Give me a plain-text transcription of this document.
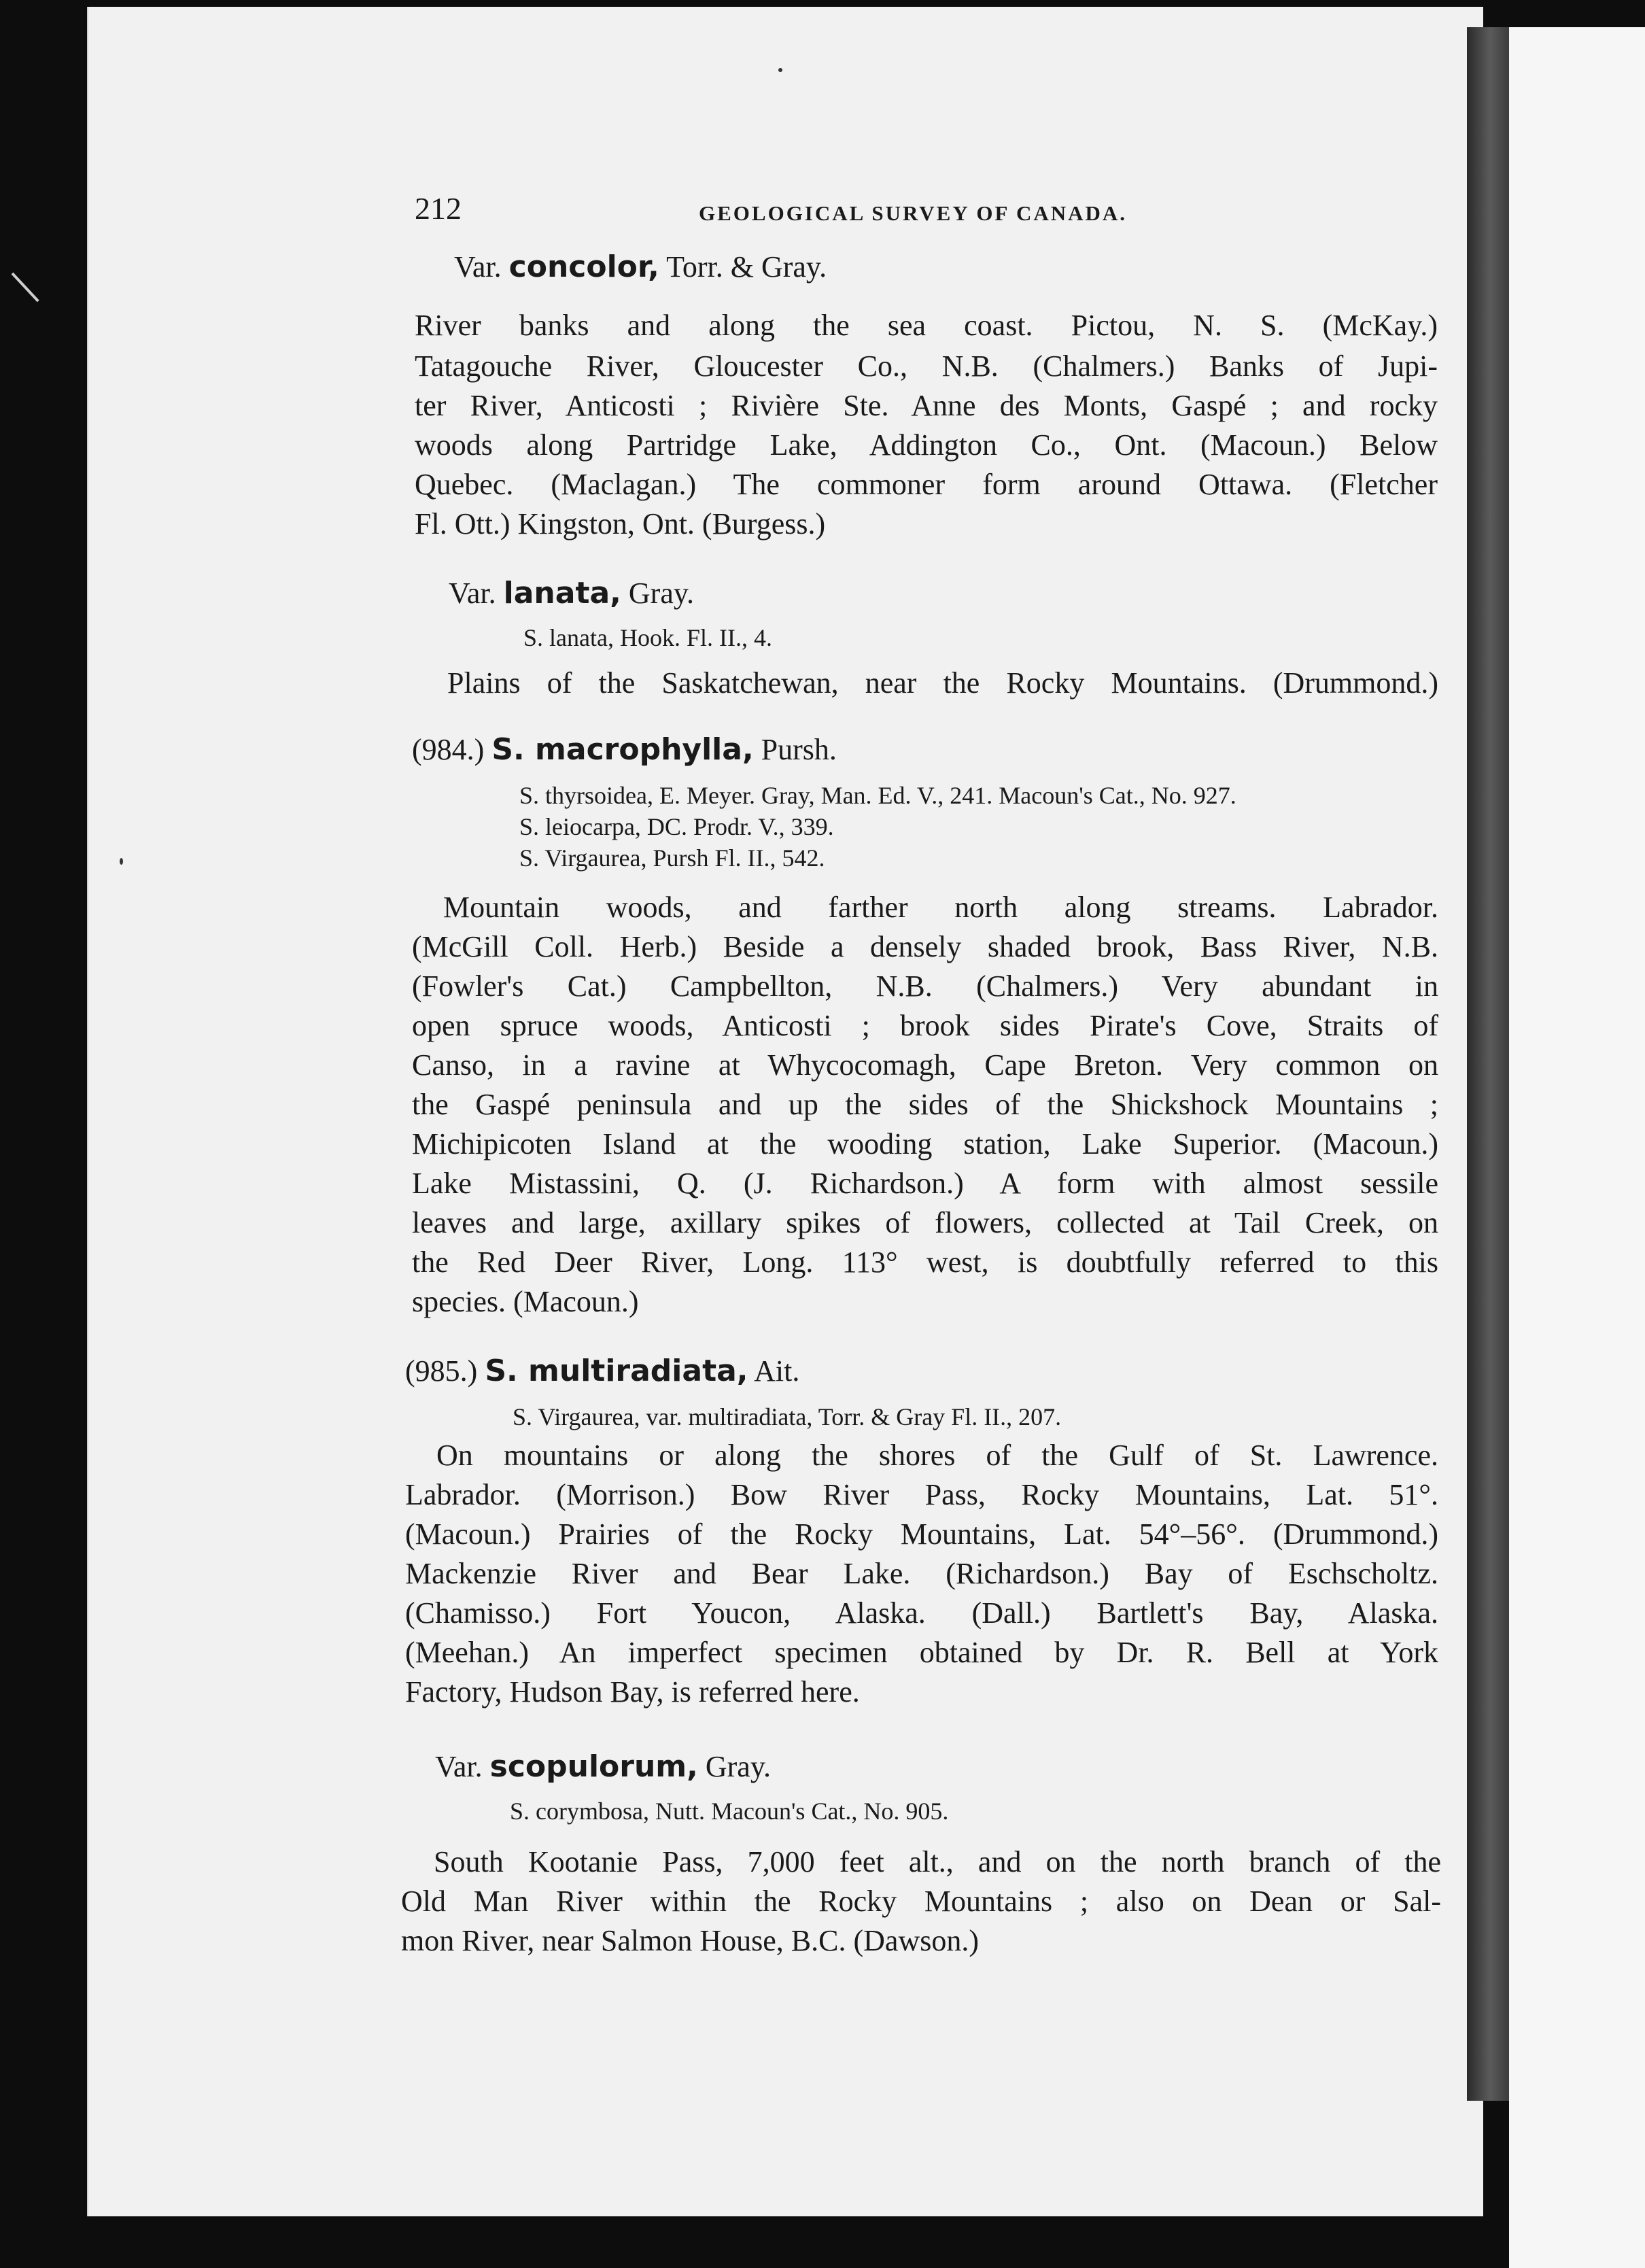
212	GEOLOGICAL SURVEY OF CANADA.
Var. concolor, Torr. & Gray.
River banks and along the sea coast. Pictou, N. S. (McKay.)
Tatagouche River, Gloucester Co., N.B. (Chalmers.) Banks of Jupi-
ter River, Anticosti ; Rivière Ste. Anne des Monts, Gaspé ; and rocky
woods along Partridge Lake, Addington Co., Ont. (Macoun.) Below
Quebec. (Maclagan.) The commoner form around Ottawa. (Fletcher
Fl. Ott.) Kingston, Ont. (Burgess.)
Var. lanata, Gray.
S. lanata, Hook. Fl. II., 4.
Plains of the Saskatchewan, near the Rocky Mountains. (Drummond.)
(984.) S. macrophylla, Pursh.
S. thyrsoidea, E. Meyer. Gray, Man. Ed. V., 241. Macoun's Cat., No. 927.
S. leiocarpa, DC. Prodr. V., 339.
S. Virgaurea, Pursh Fl. II., 542.
Mountain woods, and farther north along streams. Labrador.
(McGill Coll. Herb.) Beside a densely shaded brook, Bass River, N.B.
(Fowler's Cat.) Campbellton, N.B. (Chalmers.) Very abundant in
open spruce woods, Anticosti ; brook sides Pirate's Cove, Straits of
Canso, in a ravine at Whycocomagh, Cape Breton. Very common on
the Gaspé peninsula and up the sides of the Shickshock Mountains ;
Michipicoten Island at the wooding station, Lake Superior. (Macoun.)
Lake Mistassini, Q. (J. Richardson.) A form with almost sessile
leaves and large, axillary spikes of flowers, collected at Tail Creek, on
the Red Deer River, Long. 113° west, is doubtfully referred to this
species. (Macoun.)
(985.) S. multiradiata, Ait.
S. Virgaurea, var. multiradiata, Torr. & Gray Fl. II., 207.
On mountains or along the shores of the Gulf of St. Lawrence.
Labrador. (Morrison.) Bow River Pass, Rocky Mountains, Lat. 51°.
(Macoun.) Prairies of the Rocky Mountains, Lat. 54°–56°. (Drummond.)
Mackenzie River and Bear Lake. (Richardson.) Bay of Eschscholtz.
(Chamisso.) Fort Youcon, Alaska. (Dall.) Bartlett's Bay, Alaska.
(Meehan.) An imperfect specimen obtained by Dr. R. Bell at York
Factory, Hudson Bay, is referred here.
Var. scopulorum, Gray.
S. corymbosa, Nutt. Macoun's Cat., No. 905.
South Kootanie Pass, 7,000 feet alt., and on the north branch of the
Old Man River within the Rocky Mountains ; also on Dean or Sal-
mon River, near Salmon House, B.C. (Dawson.)
